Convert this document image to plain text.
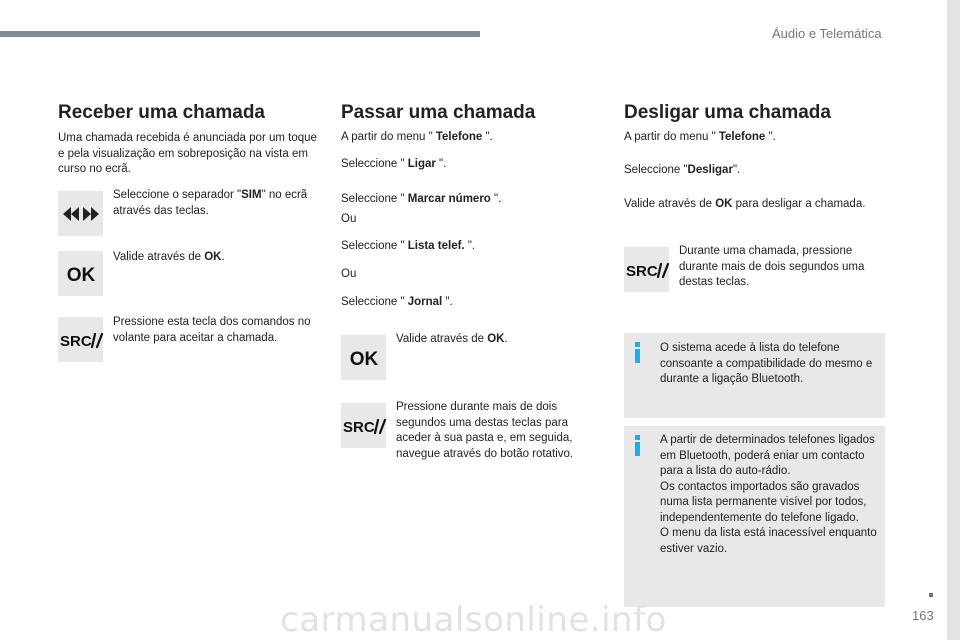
Áudio e Telemática
Receber uma chamada

Uma chamada recebida é anunciada por um toque e pela visualização em sobreposição na vista em curso no ecrã.

Seleccione o separador "SIM" no ecrã através das teclas.

OK

Valide através de OK.

SRC

Pressione esta tecla dos comandos no volante para aceitar a chamada.

Passar uma chamada

A partir do menu " Telefone ".

Seleccione " Ligar ".

Seleccione " Marcar número ".

Ou

Seleccione " Lista telef. ".

Ou

Seleccione " Jornal ".

OK

Valide através de OK.

SRC

Pressione durante mais de dois segundos uma destas teclas para aceder à sua pasta e, em seguida, navegue através do botão rotativo.

Desligar uma chamada

A partir do menu " Telefone ".

Seleccione "Desligar".

Valide através de OK para desligar a chamada.

SRC

Durante uma chamada, pressione durante mais de dois segundos uma destas teclas.

O sistema acede à lista do telefone consoante a compatibilidade do mesmo e durante a ligação Bluetooth.

A partir de determinados telefones ligados em Bluetooth, poderá eniar um contacto para a lista do auto-rádio.

Os contactos importados são gravados numa lista permanente visível por todos, independentemente do telefone ligado.

O menu da lista está inacessível enquanto estiver vazio.

163
carmanualsonline.info
